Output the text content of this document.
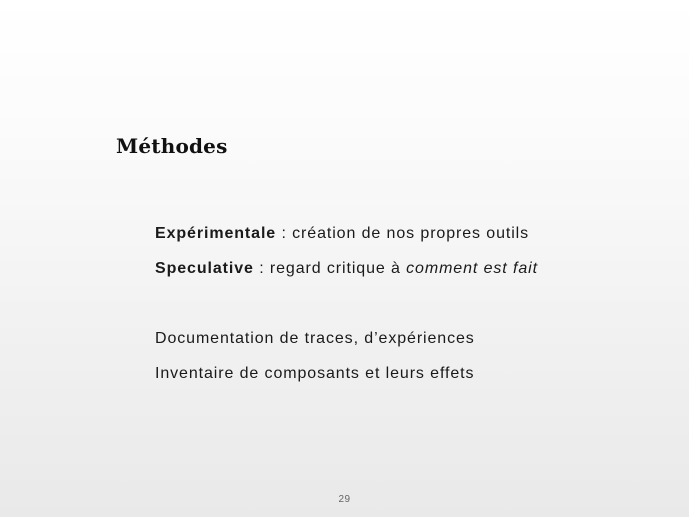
Méthodes

Expérimentale : création de nos propres outils

Speculative : regard critique à comment est fait

Documentation de traces, d’expériences

Inventaire de composants et leurs effets

29
